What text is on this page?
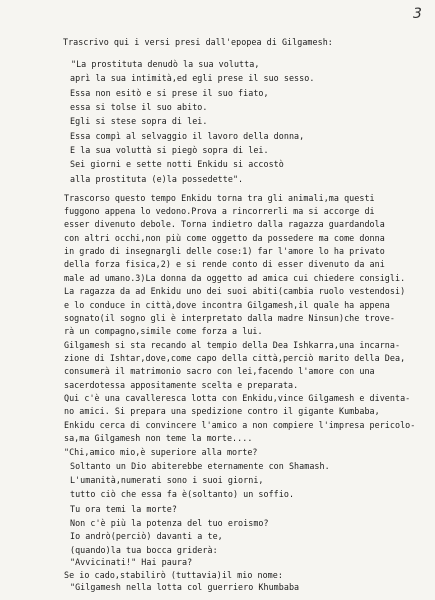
3
Trascrivo qui i versi presi dall'epopea di Gilgamesh:
"La prostituta denudò la sua volutta,
aprì la sua intimità,ed egli prese il suo sesso.
Essa non esitò e si prese il suo fiato,
essa si tolse il suo abito.
Egli si stese sopra di lei.
Essa compì al selvaggio il lavoro della donna,
E la sua voluttà si piegò sopra di lei.
Sei giorni e sette notti Enkidu si accostò
alla prostituta (e)la possedette".
Trascorso questo tempo Enkidu torna tra gli animali,ma questi
fuggono appena lo vedono.Prova a rincorrerli ma si accorge di
esser divenuto debole. Torna indietro dalla ragazza guardandola
con altri occhi,non più come oggetto da possedere ma come donna
in grado di insegnargli delle cose:1) far l'amore lo ha privato
della forza fisica,2) e si rende conto di esser divenuto da ani
male ad umano.3)La donna da oggetto ad amica cui chiedere consigli.
La ragazza da ad Enkidu uno dei suoi abiti(cambia ruolo vestendosi)
e lo conduce in città,dove incontra Gilgamesh,il quale ha appena
sognato(il sogno gli è interpretato dalla madre Ninsun)che trove-
rà un compagno,simile come forza a lui.
Gilgamesh si sta recando al tempio della Dea Ishkarra,una incarna-
zione di Ishtar,dove,come capo della città,perciò marito della Dea,
consumerà il matrimonio sacro con lei,facendo l'amore con una
sacerdotessa appositamente scelta e preparata.
Qui c'è una cavalleresca lotta con Enkidu,vince Gilgamesh e diventa-
no amici. Si prepara una spedizione contro il gigante Kumbaba,
Enkidu cerca di convincere l'amico a non compiere l'impresa pericolo-
sa,ma Gilgamesh non teme la morte....
"Chi,amico mio,è superiore alla morte?
Soltanto un Dio abiterebbe eternamente con Shamash.
L'umanità,numerati sono i suoi giorni,
tutto ciò che essa fa è(soltanto) un soffio.
Tu ora temi la morte?
Non c'è più la potenza del tuo eroismo?
Io andrò(perciò) davanti a te,
(quando)la tua bocca griderà:
"Avvicinati!" Hai paura?
Se io cado,stabilirò (tuttavia)il mio nome:
"Gilgamesh nella lotta col guerriero Khumbaba
